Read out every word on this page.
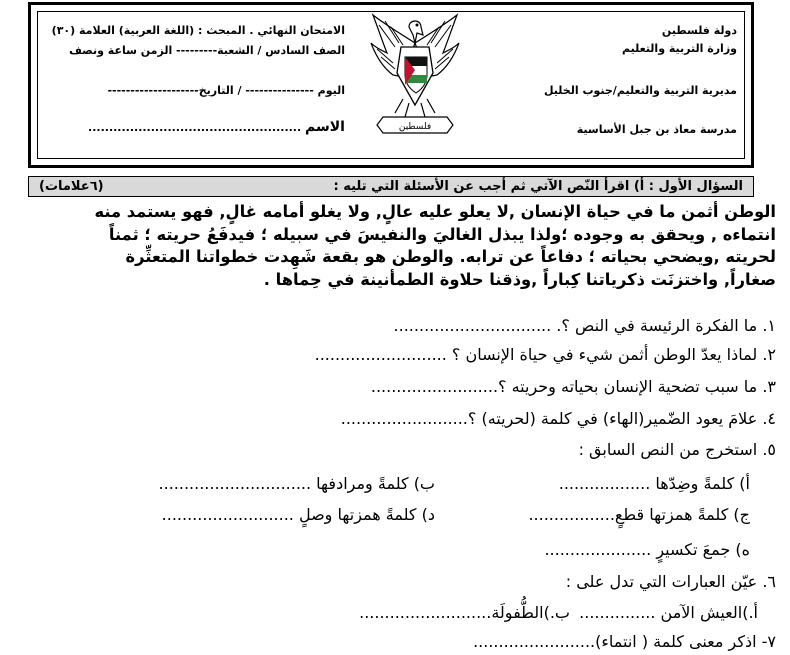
دولة فلسطين
وزارة التربية والتعليم
مديرية التربية والتعليم/جنوب الخليل
مدرسة معاذ بن جبل الأساسية
الامتحان النهائي . المبحث : (اللغة العربية) العلامة (٣٠)
الصف السادس / الشعبة--------- الزمن ساعة ونصف
اليوم --------------- / التاريخ--------------------
الاسم ...................................................	فلسطين
السؤال الأول : أ) اقرأ النّص الآتي ثم أجب عن الأسئلة التي تليه :
(٦علامات)
الوطن أثمن ما في حياة الإنسان ,لا يعلو عليه عالٍ, ولا يغلو أمامه غالٍ, فهو يستمد منه
انتماءه , ويحقق به وجوده ؛ولذا يبذل الغاليَ والنفيسَ في سبيله ؛ فيدفَعُ حريته ؛ ثمناً
لحريته ,ويضحي بحياته ؛ دفاعاً عن ترابه. والوطن هو بقعة شَهِدت خطواتنا المتعثِّرة
صغاراً, واختزنَت ذكرياتنا كِباراً ,وذقنا حلاوة الطمأنينة في حِماها .
١. ما الفكرة الرئيسة في النص ؟. ...............................
٢. لماذا يعدّ الوطن أثمن شيء في حياة الإنسان ؟ ..........................
٣. ما سبب تضحية الإنسان بحياته وحريته ؟.........................
٤. علامَ يعود الضّمير(الهاء) في كلمة (لحريته) ؟.........................
٥. استخرج من النص السابق :
أ) كلمةً وضِدّها ..................
ب) كلمةً ومرادفها ..............................
ج) كلمةً همزتها قطعٍ.................
د) كلمةً همزتها وصلٍ ..........................
ه) جمعَ تكسيرٍ .....................
٦. عيّن العبارات التي تدل على :
أ.)العيش الآمن ...............
ب.)الطُّفولَة..........................
٧- اذكر معنى كلمة ( انتماء)........................
